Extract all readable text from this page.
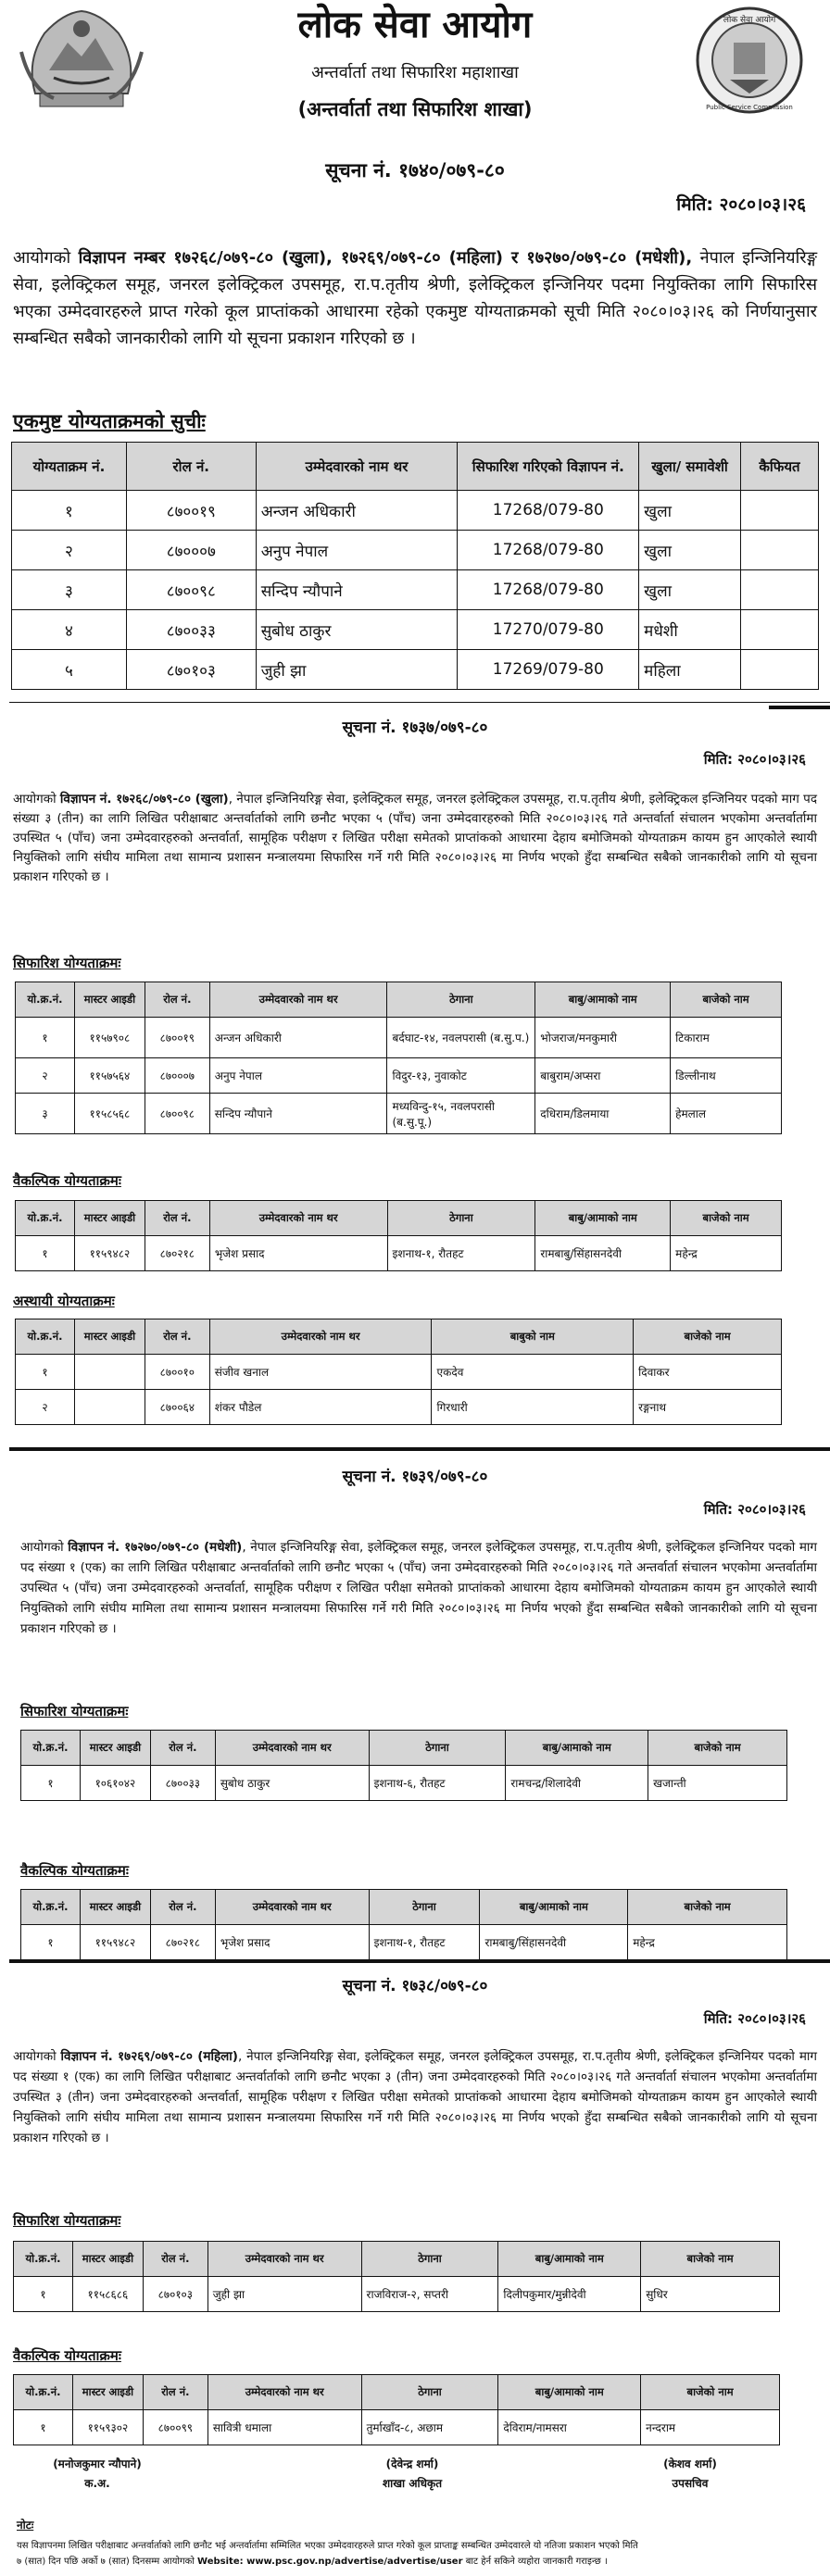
लोक सेवा आयोग
अन्तर्वार्ता तथा सिफारिश महाशाखा
(अन्तर्वार्ता तथा सिफारिश शाखा)
लोक सेवा आयोग
Public Service Commission
सूचना नं. १७४०/०७९-८०
मिति: २०८०।०३।२६
आयोगको विज्ञापन नम्बर १७२६८/०७९-८० (खुला), १७२६९/०७९-८० (महिला) र १७२७०/०७९-८० (मधेशी), नेपाल इन्जिनियरिङ्ग सेवा, इलेक्ट्रिकल समूह, जनरल इलेक्ट्रिकल उपसमूह, रा.प.तृतीय श्रेणी, इलेक्ट्रिकल इन्जिनियर पदमा नियुक्तिका लागि सिफारिस भएका उम्मेदवारहरुले प्राप्त गरेको कूल प्राप्तांकको आधारमा रहेको एकमुष्ट योग्यताक्रमको सूची मिति २०८०।०३।२६ को निर्णयानुसार सम्बन्धित सबैको जानकारीको लागि यो सूचना प्रकाशन गरिएको छ ।
एकमुष्ट योग्यताक्रमको सुचीः
योग्यताक्रम नं.	रोल नं.	उम्मेदवारको नाम थर	सिफारिश गरिएको विज्ञापन नं.	खुला/ समावेशी	कैफियत
१	८७००१९	अन्जन अधिकारी	17268/079-80	खुला	
२	८७०००७	अनुप नेपाल	17268/079-80	खुला	
३	८७००९८	सन्दिप न्यौपाने	17268/079-80	खुला	
४	८७००३३	सुबोध ठाकुर	17270/079-80	मधेशी	
५	८७०१०३	जुही झा	17269/079-80	महिला	
सूचना नं. १७३७/०७९-८०
मिति: २०८०।०३।२६
आयोगको विज्ञापन नं. १७२६८/०७९-८० (खुला), नेपाल इन्जिनियरिङ्ग सेवा, इलेक्ट्रिकल समूह, जनरल इलेक्ट्रिकल उपसमूह, रा.प.तृतीय श्रेणी, इलेक्ट्रिकल इन्जिनियर पदको माग पद संख्या ३ (तीन) का लागि लिखित परीक्षाबाट अन्तर्वार्ताको लागि छनौट भएका ५ (पाँच) जना उम्मेदवारहरुको मिति २०८०।०३।२६ गते अन्तर्वार्ता संचालन भएकोमा अन्तर्वार्तामा उपस्थित ५ (पाँच) जना उम्मेदवारहरुको अन्तर्वार्ता, सामूहिक परीक्षण र लिखित परीक्षा समेतको प्राप्तांकको आधारमा देहाय बमोजिमको योग्यताक्रम कायम हुन आएकोले स्थायी नियुक्तिको लागि संघीय मामिला तथा सामान्य प्रशासन मन्त्रालयमा सिफारिस गर्ने गरी मिति २०८०।०३।२६ मा निर्णय भएको हुँदा सम्बन्धित सबैको जानकारीको लागि यो सूचना प्रकाशन गरिएको छ ।
सिफारिश योग्यताक्रमः
यो.क्र.नं.	मास्टर आइडी	रोल नं.	उम्मेदवारको नाम थर	ठेगाना	बाबु/आमाको नाम	बाजेको नाम
१	११५७९०८	८७००१९	अन्जन अधिकारी	बर्दघाट-१४, नवलपरासी (ब.सु.प.)	भोजराज/मनकुमारी	टिकाराम
२	११५७५६४	८७०००७	अनुप नेपाल	विदुर-१३, नुवाकोट	बाबुराम/अप्सरा	डिल्लीनाथ
३	११५८५६८	८७००९८	सन्दिप न्यौपाने	मध्यविन्दु-१५, नवलपरासी (ब.सु.पू.)	दधिराम/डिलमाया	हेमलाल
वैकल्पिक योग्यताक्रमः
यो.क्र.नं.	मास्टर आइडी	रोल नं.	उम्मेदवारको नाम थर	ठेगाना	बाबु/आमाको नाम	बाजेको नाम
१	११५९४८२	८७०२१८	भृजेश प्रसाद	इशनाथ-१, रौतहट	रामबाबु/सिंहासनदेवी	महेन्द्र
अस्थायी योग्यताक्रमः
यो.क्र.नं.	मास्टर आइडी	रोल नं.	उम्मेदवारको नाम थर	बाबुको नाम	बाजेको नाम
१		८७००१०	संजीव खनाल	एकदेव	दिवाकर
२		८७००६४	शंकर पौडेल	गिरधारी	रङ्गनाथ
सूचना नं. १७३९/०७९-८०
मिति: २०८०।०३।२६
आयोगको विज्ञापन नं. १७२७०/०७९-८० (मधेशी), नेपाल इन्जिनियरिङ्ग सेवा, इलेक्ट्रिकल समूह, जनरल इलेक्ट्रिकल उपसमूह, रा.प.तृतीय श्रेणी, इलेक्ट्रिकल इन्जिनियर पदको माग पद संख्या १ (एक) का लागि लिखित परीक्षाबाट अन्तर्वार्ताको लागि छनौट भएका ५ (पाँच) जना उम्मेदवारहरुको मिति २०८०।०३।२६ गते अन्तर्वार्ता संचालन भएकोमा अन्तर्वार्तामा उपस्थित ५ (पाँच) जना उम्मेदवारहरुको अन्तर्वार्ता, सामूहिक परीक्षण र लिखित परीक्षा समेतको प्राप्तांकको आधारमा देहाय बमोजिमको योग्यताक्रम कायम हुन आएकोले स्थायी नियुक्तिको लागि संघीय मामिला तथा सामान्य प्रशासन मन्त्रालयमा सिफारिस गर्ने गरी मिति २०८०।०३।२६ मा निर्णय भएको हुँदा सम्बन्धित सबैको जानकारीको लागि यो सूचना प्रकाशन गरिएको छ ।
सिफारिश योग्यताक्रमः
यो.क्र.नं.	मास्टर आइडी	रोल नं.	उम्मेदवारको नाम थर	ठेगाना	बाबु/आमाको नाम	बाजेको नाम
१	१०६१०४२	८७००३३	सुबोध ठाकुर	इशनाथ-६, रौतहट	रामचन्द्र/शिलादेवी	खजान्ती
वैकल्पिक योग्यताक्रमः
यो.क्र.नं.	मास्टर आइडी	रोल नं.	उम्मेदवारको नाम थर	ठेगाना	बाबु/आमाको नाम	बाजेको नाम
१	११५९४८२	८७०२१८	भृजेश प्रसाद	इशनाथ-१, रौतहट	रामबाबु/सिंहासनदेवी	महेन्द्र
सूचना नं. १७३८/०७९-८०
मिति: २०८०।०३।२६
आयोगको विज्ञापन नं. १७२६९/०७९-८० (महिला), नेपाल इन्जिनियरिङ्ग सेवा, इलेक्ट्रिकल समूह, जनरल इलेक्ट्रिकल उपसमूह, रा.प.तृतीय श्रेणी, इलेक्ट्रिकल इन्जिनियर पदको माग पद संख्या १ (एक) का लागि लिखित परीक्षाबाट अन्तर्वार्ताको लागि छनौट भएका ३ (तीन) जना उम्मेदवारहरुको मिति २०८०।०३।२६ गते अन्तर्वार्ता संचालन भएकोमा अन्तर्वार्तामा उपस्थित ३ (तीन) जना उम्मेदवारहरुको अन्तर्वार्ता, सामूहिक परीक्षण र लिखित परीक्षा समेतको प्राप्तांकको आधारमा देहाय बमोजिमको योग्यताक्रम कायम हुन आएकोले स्थायी नियुक्तिको लागि संघीय मामिला तथा सामान्य प्रशासन मन्त्रालयमा सिफारिस गर्ने गरी मिति २०८०।०३।२६ मा निर्णय भएको हुँदा सम्बन्धित सबैको जानकारीको लागि यो सूचना प्रकाशन गरिएको छ ।
सिफारिश योग्यताक्रमः
यो.क्र.नं.	मास्टर आइडी	रोल नं.	उम्मेदवारको नाम थर	ठेगाना	बाबु/आमाको नाम	बाजेको नाम
१	११५८६८६	८७०१०३	जुही झा	राजविराज-२, सप्तरी	दिलीपकुमार/मुन्नीदेवी	सुधिर
वैकल्पिक योग्यताक्रमः
यो.क्र.नं.	मास्टर आइडी	रोल नं.	उम्मेदवारको नाम थर	ठेगाना	बाबु/आमाको नाम	बाजेको नाम
१	११५९३०२	८७००९९	सावित्री धमाला	तुर्माखाँद-८, अछाम	देविराम/नामसरा	नन्दराम
(मनोजकुमार न्यौपाने)
क.अ.
(देवेन्द्र शर्मा)
शाखा अधिकृत
(केशव शर्मा)
उपसचिव
नोटः
यस विज्ञापनमा लिखित परीक्षाबाट अन्तर्वार्ताको लागि छनौट भई अन्तर्वार्तामा सम्मिलित भएका उम्मेदवारहरुले प्राप्त गरेको कूल प्राप्ताङ्क सम्बन्धित उम्मेदवारले यो नतिजा प्रकाशन भएको मिति
७ (सात) दिन पछि अर्को ७ (सात) दिनसम्म आयोगको Website: www.psc.gov.np/advertise/advertise/user बाट हेर्न सकिने व्यहोरा जानकारी गराइन्छ ।
